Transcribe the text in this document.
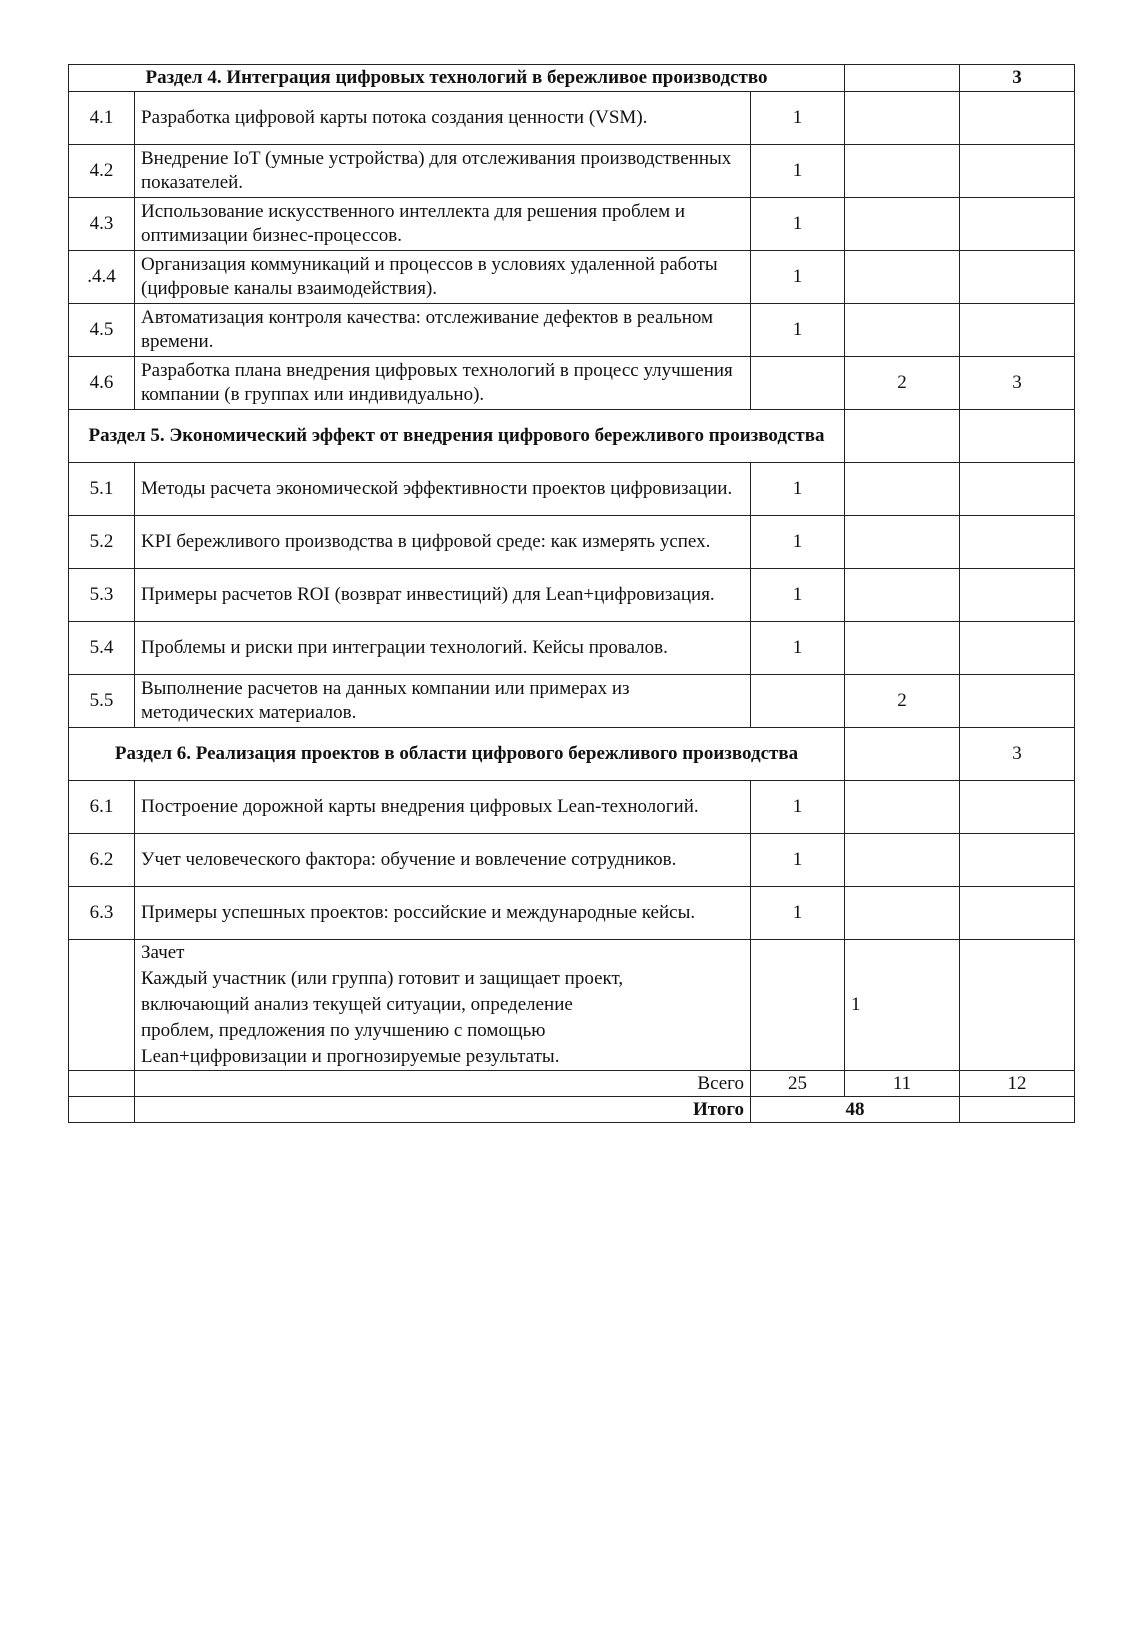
Раздел 4. Интеграция цифровых технологий в бережливое производство				3
4.1	Разработка цифровой карты потока создания ценности (VSM).	1		
4.2	Внедрение IoT (умные устройства) для отслеживания производственных показателей.	1		
4.3	Использование искусственного интеллекта для решения проблем и оптимизации бизнес-процессов.	1		
.4.4	Организация коммуникаций и процессов в условиях удаленной работы (цифровые каналы взаимодействия).	1		
4.5	Автоматизация контроля качества: отслеживание дефектов в реальном времени.	1		
4.6	Разработка плана внедрения цифровых технологий в процесс улучшения компании (в группах или индивидуально).		2	3
Раздел 5. Экономический эффект от внедрения цифрового бережливого производства				
5.1	Методы расчета экономической эффективности проектов цифровизации.	1		
5.2	KPI бережливого производства в цифровой среде: как измерять успех.	1		
5.3	Примеры расчетов ROI (возврат инвестиций) для Lean+цифровизация.	1		
5.4	Проблемы и риски при интеграции технологий. Кейсы провалов.	1		
5.5	Выполнение расчетов на данных компании или примерах из методических материалов.		2	
Раздел 6. Реализация проектов в области цифрового бережливого производства				3
6.1	Построение дорожной карты внедрения цифровых Lean-технологий.	1		
6.2	Учет человеческого фактора: обучение и вовлечение сотрудников.	1		
6.3	Примеры успешных проектов: российские и международные кейсы.	1		

	Зачет
Каждый участник (или группа) готовит и защищает проект,
включающий анализ текущей ситуации, определение
проблем, предложения по улучшению с помощью
Lean+цифровизации и прогнозируемые результаты.		1	
	Всего	25	11	12
	Итого	48		
